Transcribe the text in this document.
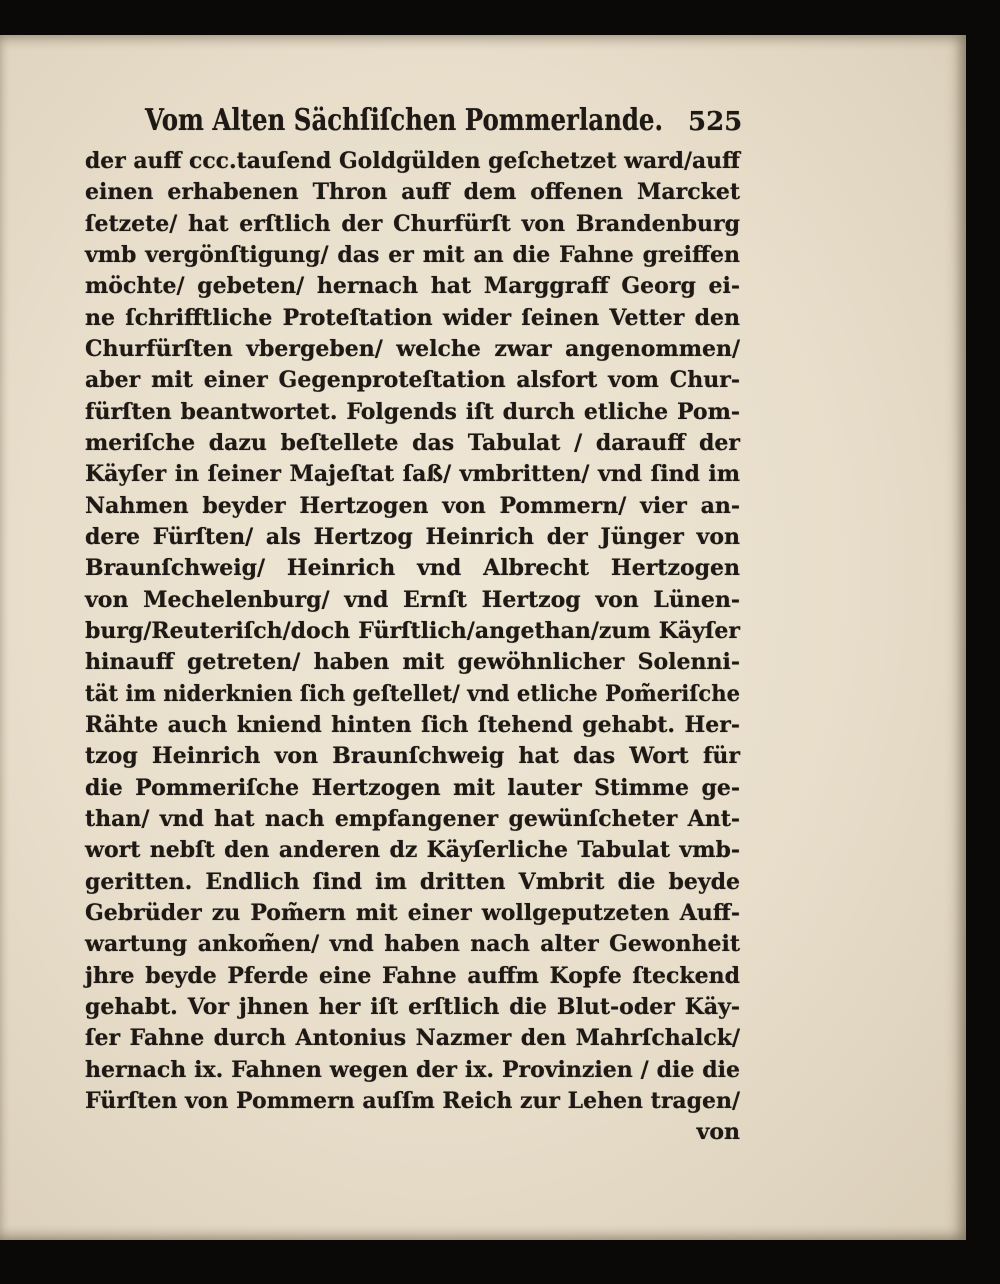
Vom Alten Sächſiſchen Pommerlande. 525
der auff ccc.tauſend Goldgülden geſchetzet ward/auff
einen erhabenen Thron auff dem offenen Marcket
ſetzete/ hat erſtlich der Churfürſt von Brandenburg
vmb vergönſtigung/ das er mit an die Fahne greiffen
möchte/ gebeten/ hernach hat Marggraff Georg ei-
ne ſchrifftliche Proteſtation wider ſeinen Vetter den
Churfürſten vbergeben/ welche zwar angenommen/
aber mit einer Gegenproteſtation alsfort vom Chur-
fürſten beantwortet. Folgends iſt durch etliche Pom-
meriſche dazu beſtellete das Tabulat / darauff der
Käyſer in ſeiner Majeſtat ſaß/ vmbritten/ vnd ſind im
Nahmen beyder Hertzogen von Pommern/ vier an-
dere Fürſten/ als Hertzog Heinrich der Jünger von
Braunſchweig/ Heinrich vnd Albrecht Hertzogen
von Mechelenburg/ vnd Ernſt Hertzog von Lünen-
burg/Reuteriſch/doch Fürſtlich/angethan/zum Käyſer
hinauff getreten/ haben mit gewöhnlicher Solenni-
tät im niderknien ſich geſtellet/ vnd etliche Pom̃eriſche
Rähte auch kniend hinten ſich ſtehend gehabt. Her-
tzog Heinrich von Braunſchweig hat das Wort für
die Pommeriſche Hertzogen mit lauter Stimme ge-
than/ vnd hat nach empfangener gewünſcheter Ant-
wort nebſt den anderen dz Käyſerliche Tabulat vmb-
geritten. Endlich ſind im dritten Vmbrit die beyde
Gebrüder zu Pom̃ern mit einer wollgeputzeten Auff-
wartung ankom̃en/ vnd haben nach alter Gewonheit
jhre beyde Pferde eine Fahne auffm Kopfe ſteckend
gehabt. Vor jhnen her iſt erſtlich die Blut-oder Käy-
ſer Fahne durch Antonius Nazmer den Mahrſchalck/
hernach ix. Fahnen wegen der ix. Provinzien / die die
Fürſten von Pommern auſſm Reich zur Lehen tragen/
von
